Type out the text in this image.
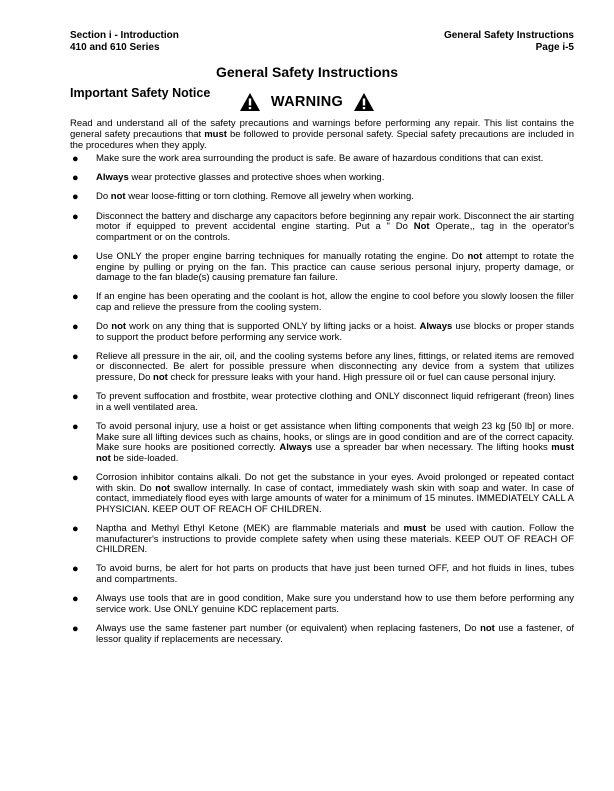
Section i - Introduction
410 and 610 Series
General Safety Instructions
Page i-5
General Safety Instructions
Important Safety Notice
WARNING
Read and understand all of the safety precautions and warnings before performing any repair. This list contains the general safety precautions that must be followed to provide personal safety. Special safety precautions are included in the procedures when they apply.
● Make sure the work area surrounding the product is safe. Be aware of hazardous conditions that can exist.
● Always wear protective glasses and protective shoes when working.
● Do not wear loose-fitting or torn clothing. Remove all jewelry when working.
● Disconnect the battery and discharge any capacitors before beginning any repair work. Disconnect the air starting motor if equipped to prevent accidental engine starting. Put a " Do Not Operate,, tag in the operator's compartment or on the controls.
● Use ONLY the proper engine barring techniques for manually rotating the engine. Do not attempt to rotate the engine by pulling or prying on the fan. This practice can cause serious personal injury, property damage, or damage to the fan blade(s) causing premature fan failure.
● If an engine has been operating and the coolant is hot, allow the engine to cool before you slowly loosen the filler cap and relieve the pressure from the cooling system.
● Do not work on any thing that is supported ONLY by lifting jacks or a hoist. Always use blocks or proper stands to support the product before performing any service work.
● Relieve all pressure in the air, oil, and the cooling systems before any lines, fittings, or related items are removed or disconnected. Be alert for possible pressure when disconnecting any device from a system that utilizes pressure, Do not check for pressure leaks with your hand. High pressure oil or fuel can cause personal injury.
● To prevent suffocation and frostbite, wear protective clothing and ONLY disconnect liquid refrigerant (freon) lines in a well ventilated area.
● To avoid personal injury, use a hoist or get assistance when lifting components that weigh 23 kg [50 lb] or more. Make sure all lifting devices such as chains, hooks, or slings are in good condition and are of the correct capacity. Make sure hooks are positioned correctly. Always use a spreader bar when necessary. The lifting hooks must not be side-loaded.
● Corrosion inhibitor contains alkali. Do not get the substance in your eyes. Avoid prolonged or repeated contact with skin. Do not swallow internally. In case of contact, immediately wash skin with soap and water. In case of contact, immediately flood eyes with large amounts of water for a minimum of 15 minutes. IMMEDIATELY CALL A PHYSICIAN. KEEP OUT OF REACH OF CHILDREN.
● Naptha and Methyl Ethyl Ketone (MEK) are flammable materials and must be used with caution. Follow the manufacturer's instructions to provide complete safety when using these materials. KEEP OUT OF REACH OF CHILDREN.
● To avoid burns, be alert for hot parts on products that have just been turned OFF, and hot fluids in lines, tubes and compartments.
● Always use tools that are in good condition, Make sure you understand how to use them before performing any service work. Use ONLY genuine KDC replacement parts.
● Always use the same fastener part number (or equivalent) when replacing fasteners, Do not use a fastener, of lessor quality if replacements are necessary.
